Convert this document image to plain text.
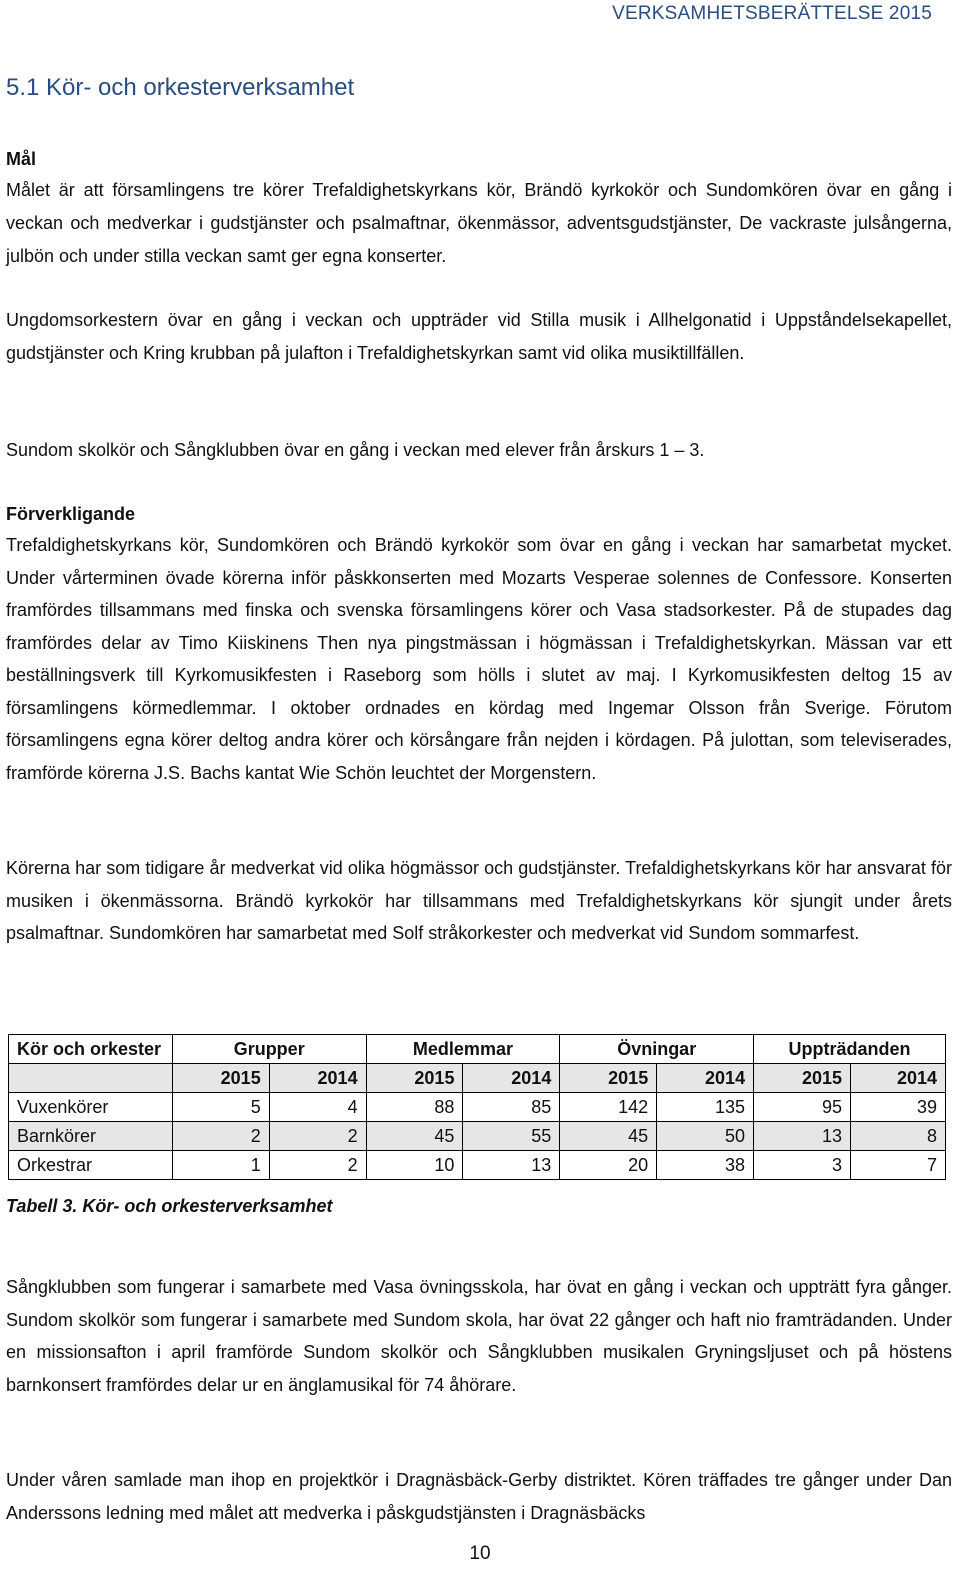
VERKSAMHETSBERÄTTELSE 2015
5.1 Kör- och orkesterverksamhet
Mål

Målet är att församlingens tre körer Trefaldighetskyrkans kör, Brändö kyrkokör och Sundomkören övar en gång i veckan och medverkar i gudstjänster och psalmaftnar, ökenmässor, adventsgudstjänster, De vackraste julsångerna, julbön och under stilla veckan samt ger egna konserter.

Ungdomsorkestern övar en gång i veckan och uppträder vid Stilla musik i Allhelgonatid i Uppståndelsekapellet, gudstjänster och Kring krubban på julafton i Trefaldighetskyrkan samt vid olika musiktillfällen.

Sundom skolkör och Sångklubben övar en gång i veckan med elever från årskurs 1 – 3.

Förverkligande

Trefaldighetskyrkans kör, Sundomkören och Brändö kyrkokör som övar en gång i veckan har samarbetat mycket. Under vårterminen övade körerna inför påskkonserten med Mozarts Vesperae solennes de Confessore. Konserten framfördes tillsammans med finska och svenska församlingens körer och Vasa stadsorkester. På de stupades dag framfördes delar av Timo Kiiskinens Then nya pingstmässan i högmässan i Trefaldighetskyrkan. Mässan var ett beställningsverk till Kyrkomusikfesten i Raseborg som hölls i slutet av maj. I Kyrkomusikfesten deltog 15 av församlingens körmedlemmar. I oktober ordnades en kördag med Ingemar Olsson från Sverige. Förutom församlingens egna körer deltog andra körer och körsångare från nejden i kördagen. På julottan, som televiserades, framförde körerna J.S. Bachs kantat Wie Schön leuchtet der Morgenstern.

Körerna har som tidigare år medverkat vid olika högmässor och gudstjänster. Trefaldighetskyrkans kör har ansvarat för musiken i ökenmässorna. Brändö kyrkokör har tillsammans med Trefaldighetskyrkans kör sjungit under årets psalmaftnar. Sundomkören har samarbetat med Solf stråkorkester och medverkat vid Sundom sommarfest.

Kör och orkester	Grupper		Medlemmar		Övningar		Uppträdanden	
	2015	2014	2015	2014	2015	2014	2015	2014
Vuxenkörer	5	4	88	85	142	135	95	39
Barnkörer	2	2	45	55	45	50	13	8
Orkestrar	1	2	10	13	20	38	3	7
Tabell 3. Kör- och orkesterverksamhet

Sångklubben som fungerar i samarbete med Vasa övningsskola, har övat en gång i veckan och uppträtt fyra gånger. Sundom skolkör som fungerar i samarbete med Sundom skola, har övat 22 gånger och haft nio framträdanden. Under en missionsafton i april framförde Sundom skolkör och Sångklubben musikalen Gryningsljuset och på höstens barnkonsert framfördes delar ur en änglamusikal för 74 åhörare.

Under våren samlade man ihop en projektkör i Dragnäsbäck-Gerby distriktet. Kören träffades tre gånger under Dan Anderssons ledning med målet att medverka i påskgudstjänsten i Dragnäsbäcks

10
